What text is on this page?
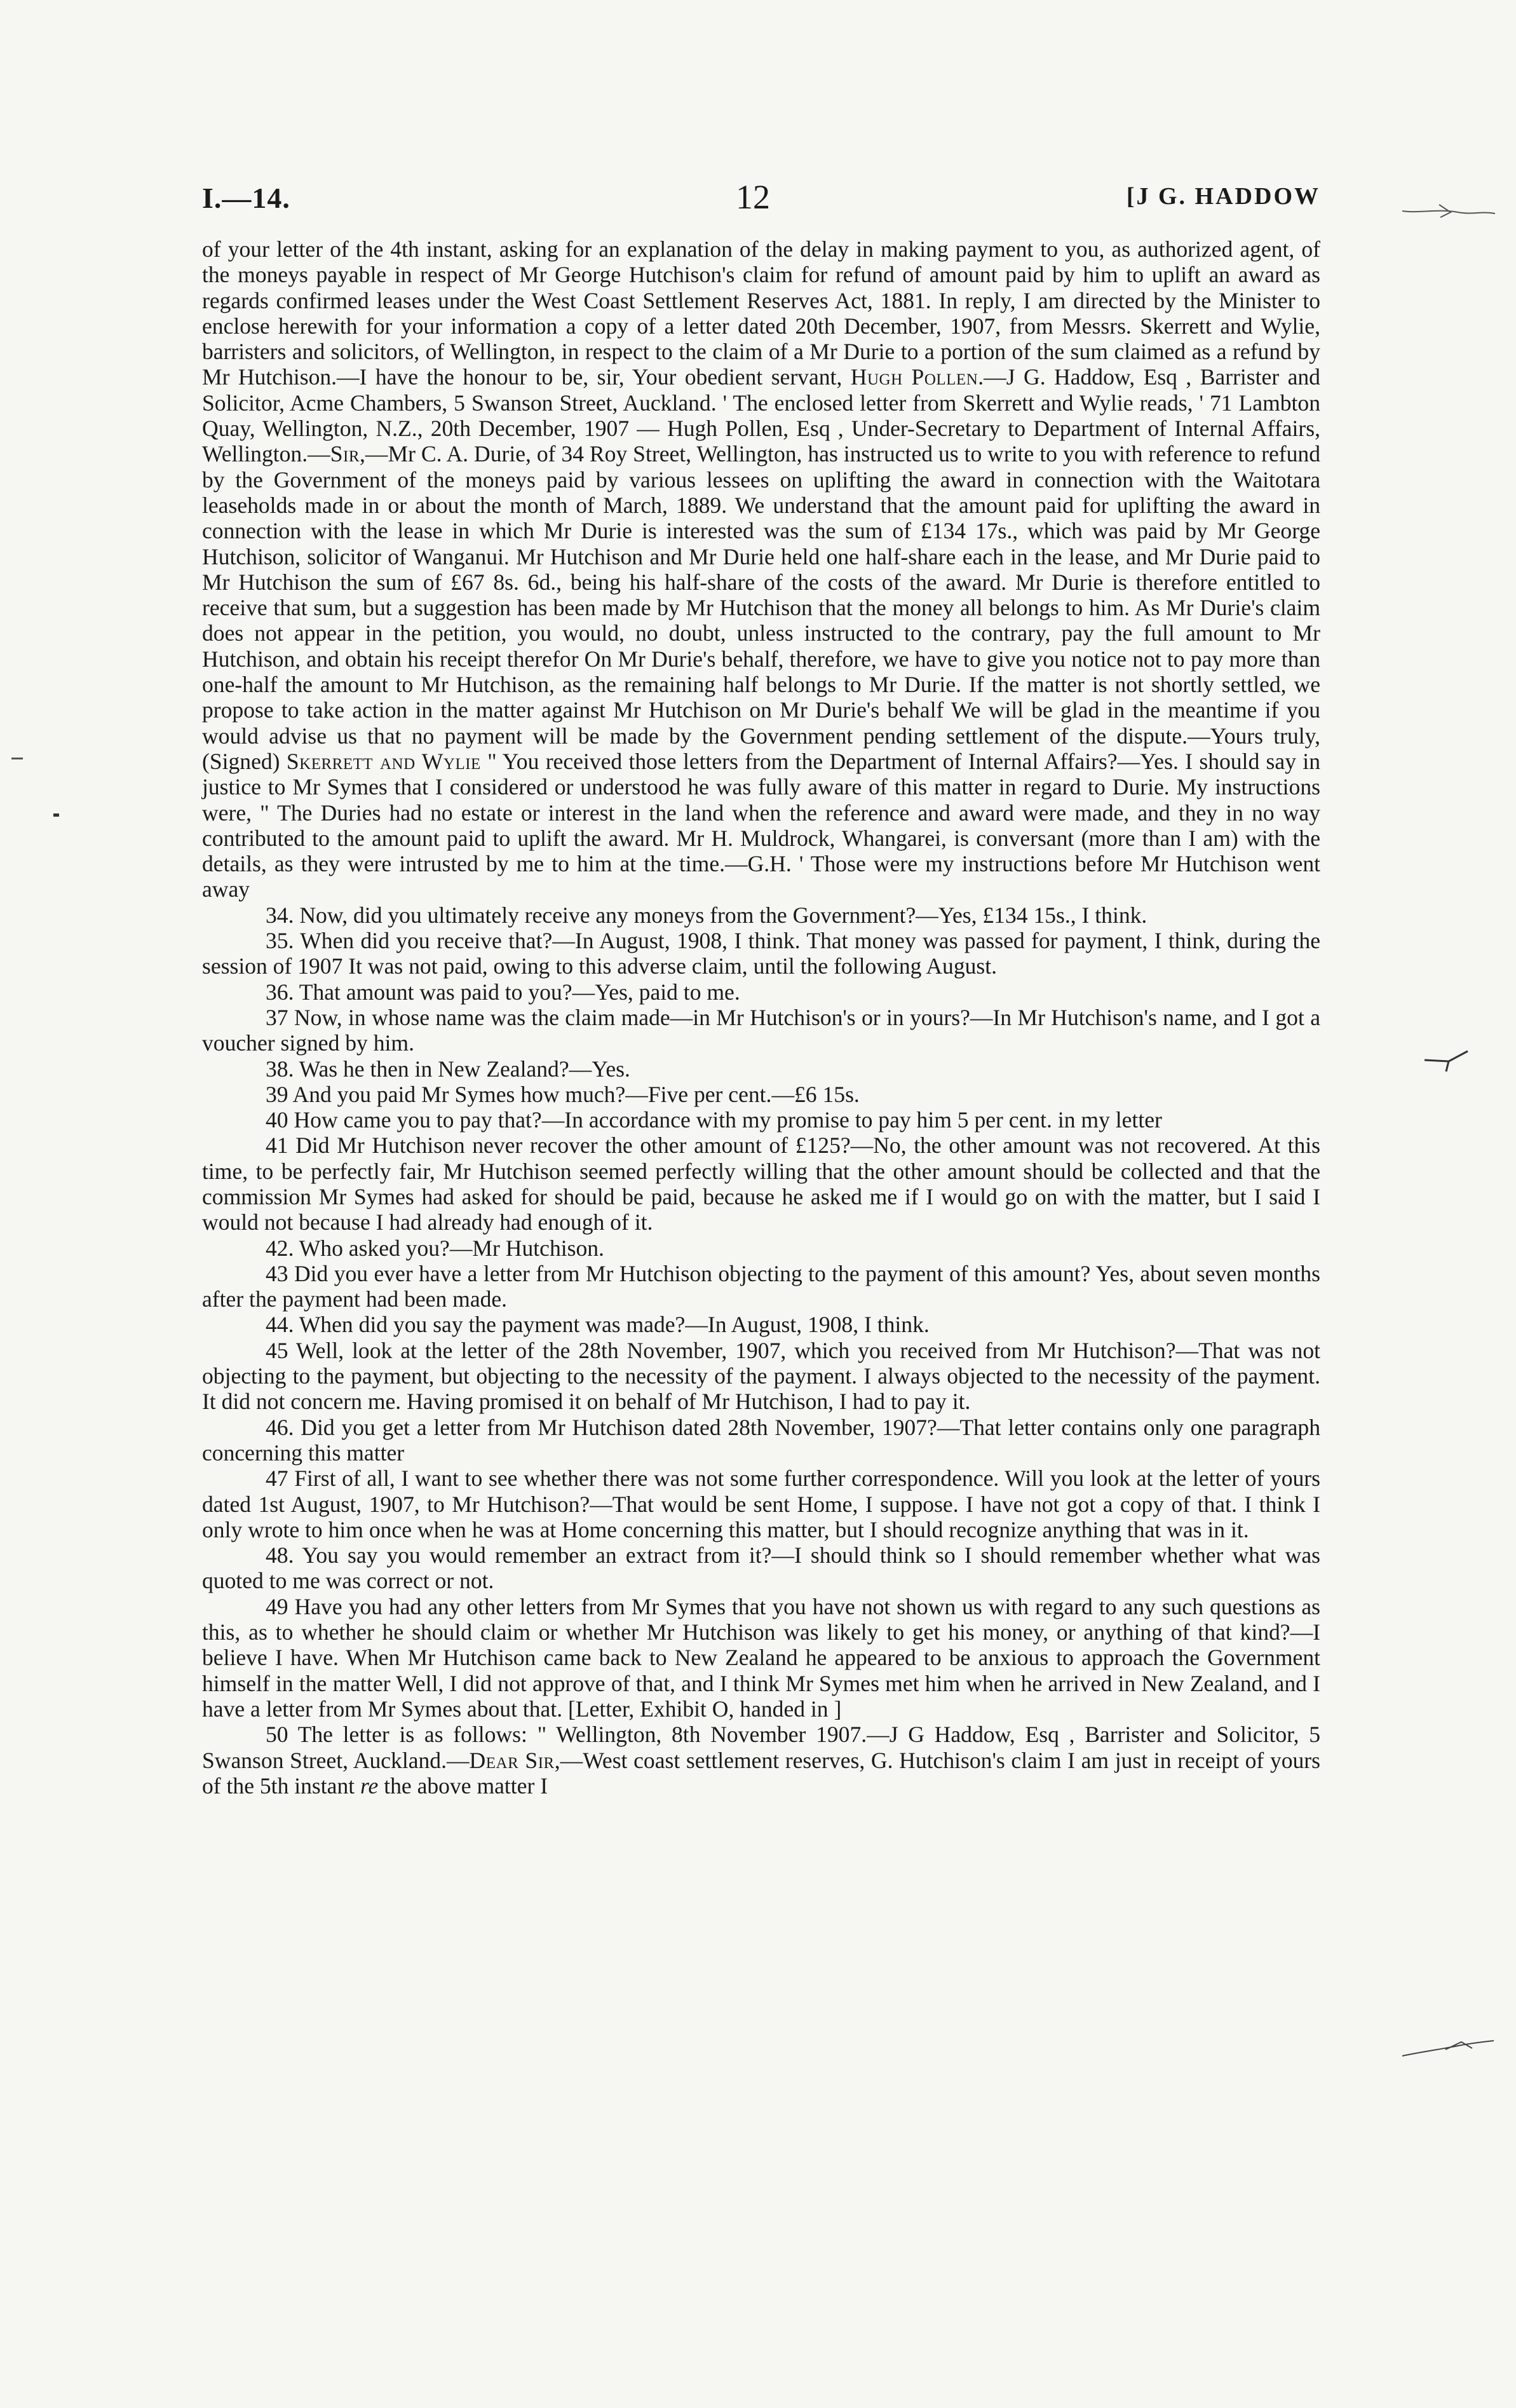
I.—14.	12	[J G. HADDOW

of your letter of the 4th instant, asking for an explanation of the delay in making payment to you, as authorized agent, of the moneys payable in respect of Mr George Hutchison's claim for refund of amount paid by him to uplift an award as regards confirmed leases under the West Coast Settlement Reserves Act, 1881. In reply, I am directed by the Minister to enclose herewith for your information a copy of a letter dated 20th December, 1907, from Messrs. Skerrett and Wylie, barristers and solicitors, of Wellington, in respect to the claim of a Mr Durie to a portion of the sum claimed as a refund by Mr Hutchison.—I have the honour to be, sir, Your obedient servant, Hugh Pollen.—J G. Haddow, Esq , Barrister and Solicitor, Acme Chambers, 5 Swanson Street, Auckland. ' The enclosed letter from Skerrett and Wylie reads, ' 71 Lambton Quay, Wellington, N.Z., 20th December, 1907 — Hugh Pollen, Esq , Under-Secretary to Department of Internal Affairs, Wellington.—Sir,—Mr C. A. Durie, of 34 Roy Street, Wellington, has instructed us to write to you with reference to refund by the Government of the moneys paid by various lessees on uplifting the award in connection with the Waitotara leaseholds made in or about the month of March, 1889. We understand that the amount paid for uplifting the award in connection with the lease in which Mr Durie is interested was the sum of £134 17s., which was paid by Mr George Hutchison, solicitor of Wanganui. Mr Hutchison and Mr Durie held one half-share each in the lease, and Mr Durie paid to Mr Hutchison the sum of £67 8s. 6d., being his half-share of the costs of the award. Mr Durie is therefore entitled to receive that sum, but a suggestion has been made by Mr Hutchison that the money all belongs to him. As Mr Durie's claim does not appear in the petition, you would, no doubt, unless instructed to the contrary, pay the full amount to Mr Hutchison, and obtain his receipt therefor On Mr Durie's behalf, therefore, we have to give you notice not to pay more than one-half the amount to Mr Hutchison, as the remaining half belongs to Mr Durie. If the matter is not shortly settled, we propose to take action in the matter against Mr Hutchison on Mr Durie's behalf We will be glad in the meantime if you would advise us that no payment will be made by the Government pending settlement of the dispute.—Yours truly, (Signed) Skerrett and Wylie " You received those letters from the Department of Internal Affairs?—Yes. I should say in justice to Mr Symes that I considered or understood he was fully aware of this matter in regard to Durie. My instructions were, " The Duries had no estate or interest in the land when the reference and award were made, and they in no way contributed to the amount paid to uplift the award. Mr H. Muldrock, Whangarei, is conversant (more than I am) with the details, as they were intrusted by me to him at the time.—G.H. ' Those were my instructions before Mr Hutchison went away

34. Now, did you ultimately receive any moneys from the Government?—Yes, £134 15s., I think.

35. When did you receive that?—In August, 1908, I think. That money was passed for payment, I think, during the session of 1907 It was not paid, owing to this adverse claim, until the following August.

36. That amount was paid to you?—Yes, paid to me.

37 Now, in whose name was the claim made—in Mr Hutchison's or in yours?—In Mr Hutchison's name, and I got a voucher signed by him.

38. Was he then in New Zealand?—Yes.

39 And you paid Mr Symes how much?—Five per cent.—£6 15s.

40 How came you to pay that?—In accordance with my promise to pay him 5 per cent. in my letter

41 Did Mr Hutchison never recover the other amount of £125?—No, the other amount was not recovered. At this time, to be perfectly fair, Mr Hutchison seemed perfectly willing that the other amount should be collected and that the commission Mr Symes had asked for should be paid, because he asked me if I would go on with the matter, but I said I would not because I had already had enough of it.

42. Who asked you?—Mr Hutchison.

43 Did you ever have a letter from Mr Hutchison objecting to the payment of this amount? Yes, about seven months after the payment had been made.

44. When did you say the payment was made?—In August, 1908, I think.

45 Well, look at the letter of the 28th November, 1907, which you received from Mr Hutchison?—That was not objecting to the payment, but objecting to the necessity of the payment. I always objected to the necessity of the payment. It did not concern me. Having promised it on behalf of Mr Hutchison, I had to pay it.

46. Did you get a letter from Mr Hutchison dated 28th November, 1907?—That letter contains only one paragraph concerning this matter

47 First of all, I want to see whether there was not some further correspondence. Will you look at the letter of yours dated 1st August, 1907, to Mr Hutchison?—That would be sent Home, I suppose. I have not got a copy of that. I think I only wrote to him once when he was at Home concerning this matter, but I should recognize anything that was in it.

48. You say you would remember an extract from it?—I should think so I should remember whether what was quoted to me was correct or not.

49 Have you had any other letters from Mr Symes that you have not shown us with regard to any such questions as this, as to whether he should claim or whether Mr Hutchison was likely to get his money, or anything of that kind?—I believe I have. When Mr Hutchison came back to New Zealand he appeared to be anxious to approach the Government himself in the matter Well, I did not approve of that, and I think Mr Symes met him when he arrived in New Zealand, and I have a letter from Mr Symes about that. [Letter, Exhibit O, handed in ]

50 The letter is as follows: " Wellington, 8th November 1907.—J G Haddow, Esq , Barrister and Solicitor, 5 Swanson Street, Auckland.—Dear Sir,—West coast settlement reserves, G. Hutchison's claim I am just in receipt of yours of the 5th instant re the above matter I
